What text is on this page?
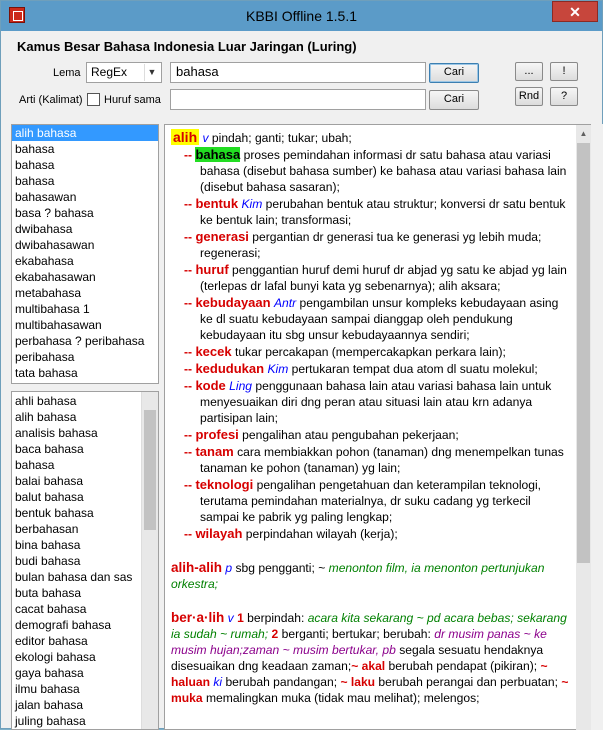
KBBI Offline 1.5.1	✕
Kamus Besar Bahasa Indonesia Luar Jaringan (Luring)
Lema RegEx	▼	bahasa	Cari
Arti (Kalimat) Huruf sama	Cari
...	!
Rnd	?
alih bahasa
bahasa
bahasa
bahasa
bahasawan
basa ? bahasa
dwibahasa
dwibahasawan
ekabahasa
ekabahasawan
metabahasa
multibahasa 1
multibahasawan
perbahasa ? peribahasa
peribahasa
tata bahasa
ahli bahasa
alih bahasa
analisis bahasa
baca bahasa
bahasa
balai bahasa
balut bahasa
bentuk bahasa
berbahasan
bina bahasa
budi bahasa
bulan bahasa dan sas
buta bahasa
cacat bahasa
demografi bahasa
editor bahasa
ekologi bahasa
gaya bahasa
ilmu bahasa
jalan bahasa
juling bahasa
alih v pindah; ganti; tukar; ubah;
-- bahasa proses pemindahan informasi dr satu bahasa atau variasi bahasa (disebut bahasa sumber) ke bahasa atau variasi bahasa lain (disebut bahasa sasaran);
-- bentuk Kim perubahan bentuk atau struktur; konversi dr satu bentuk ke bentuk lain; transformasi;
-- generasi pergantian dr generasi tua ke generasi yg lebih muda; regenerasi;
-- huruf penggantian huruf demi huruf dr abjad yg satu ke abjad yg lain (terlepas dr lafal bunyi kata yg sebenarnya); alih aksara;
-- kebudayaan Antr pengambilan unsur kompleks kebudayaan asing ke dl suatu kebudayaan sampai dianggap oleh pendukung kebudayaan itu sbg unsur kebudayaannya sendiri;
-- kecek tukar percakapan (mempercakapkan perkara lain);
-- kedudukan Kim pertukaran tempat dua atom dl suatu molekul;
-- kode Ling penggunaan bahasa lain atau variasi bahasa lain untuk menyesuaikan diri dng peran atau situasi lain atau krn adanya partisipan lain;
-- profesi pengalihan atau pengubahan pekerjaan;
-- tanam cara membiakkan pohon (tanaman) dng menempelkan tunas tanaman ke pohon (tanaman) yg lain;
-- teknologi pengalihan pengetahuan dan keterampilan teknologi, terutama pemindahan materialnya, dr suku cadang yg terkecil sampai ke pabrik yg paling lengkap;
-- wilayah perpindahan wilayah (kerja);
alih-alih p sbg pengganti; ~ menonton film, ia menonton pertunjukan orkestra;
ber·a·lih v 1 berpindah: acara kita sekarang ~ pd acara bebas; sekarang ia sudah ~ rumah; 2 berganti; bertukar; berubah: dr musim panas ~ ke musim hujan;zaman ~ musim bertukar, pb segala sesuatu hendaknya disesuaikan dng keadaan zaman;~ akal berubah pendapat (pikiran); ~ haluan ki berubah pandangan; ~ laku berubah perangai dan perbuatan; ~ muka memalingkan muka (tidak mau melihat); melengos;
▲
